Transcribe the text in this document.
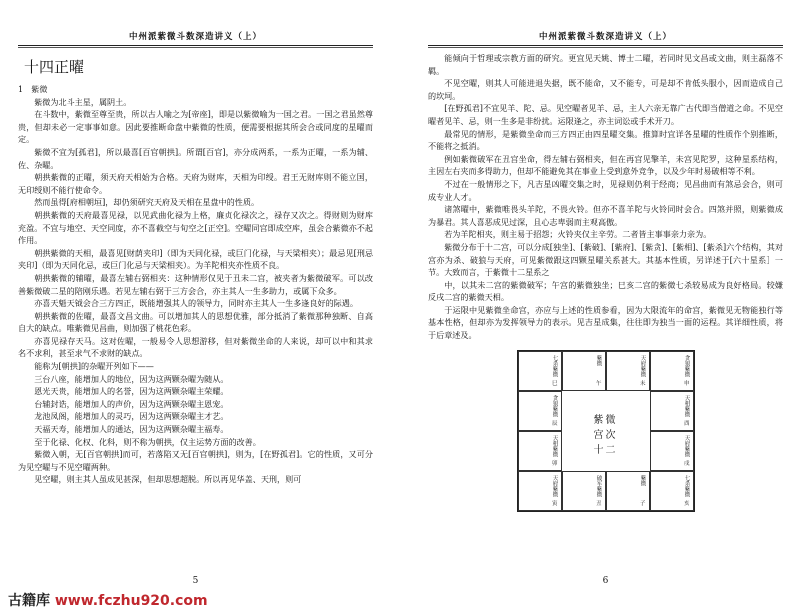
中州派紫微斗数深造讲义（上）
十四正曜

1　紫微

紫微为北斗主星，属阴土。

在斗数中，紫微至尊至贵，所以古人喻之为[帝座]，即是以紫微喻为一国之君。一国之君虽然尊贵，但却未必一定事事如意。因此要推断命盘中紫微的性质，便需要根据其所会合或同度的星曜而定。

紫微不宜为[孤君]，所以最喜[百官朝拱]。所谓[百官]，亦分成两系，一系为正曜，一系为辅、佐、杂曜。

朝拱紫微的正曜，须天府天相始为合格。天府为财库，天相为印绶。君王无财库则不能立国，无印绶则不能行使命令。

然而虽得[府相朝垣]，却仍须研究天府及天相在星盘中的性质。

朝拱紫微的天府最喜见禄，以见武曲化禄为上格，廉贞化禄次之，禄存又次之。得财则为财库充盈。不宜与地空、天空同度，亦不喜截空与旬空之[正空]。空曜同宫即成空库，虽会合紫微亦不起作用。

朝拱紫微的天相，最喜见[财荫夹印]（即为天同化禄，或巨门化禄，与天梁相夹）；最忌见[刑忌夹印]（即为天同化忌，或巨门化忌与天梁相夹）。为羊陀相夹亦性质不良。

朝拱紫微的辅曜，最喜左辅右弼相夹：这种情形仅见于丑未二宫，被夹者为紫微破军。可以改善紫微破二星的陪刚乐遇。若见左辅右弼于三方会合，亦主其人一生多助力，或属下众多。

亦喜天魁天钺会合三方四正，既能增强其人的领导力，同时亦主其人一生多逢良好的际遇。

朝拱紫微的佐曜，最喜文昌文曲。可以增加其人的思想优雅，部分抵消了紫微那种独断、自高自大的缺点。唯紫微见昌曲，则加强了桃花色彩。

亦喜见禄存天马。这对佐曜，一般易令人思想游移，但对紫微坐命的人来说，却可以中和其求名不求利，甚至求气不求财的缺点。

能称为[朝拱]的杂曜开列如下——

三台八座，能增加人的地位，因为这两颗杂曜为随从。

恩光天贵，能增加人的名誉，因为这两颗杂曜主荣耀。

台辅封诰，能增加人的声价，因为这两颗杂曜主恩宠。

龙池凤阁，能增加人的灵巧，因为这两颗杂曜主才艺。

天福天寿，能增加人的通达，因为这两颗杂曜主福寿。

至于化禄、化权、化科，则不称为朝拱，仅主运势方面的改善。

紫微入朝，无[百官朝拱]而可，若落陷又无[百官朝拱]，则为，[在野孤君]。它的性质，又可分为见空曜与不见空曜两种。

见空曜，则主其人虽成见甚深，但却思想超脱。所以再见华盖、天刑，则可

5
中州派紫微斗数深造讲义（上）

能倾向于哲理或宗教方面的研究。更宜见天姚、博士二曜，若同时见文昌或文曲，则主磊落不羁。

不见空曜，则其人可能进退失据，既不能命，又不能专，可是却不肯低头服小，因而造成自己的坎坷。

[在野孤君]不宜见羊、陀、忌。见空曜者见羊、忌，主人六亲无靠广古代即当僧道之命。不见空曜者见羊、忌，则一生多是非纷扰。运限逢之，亦主词讼或手术开刀。

最常见的情形，是紫微坐命而三方四正由四星曜交集。推算时宜详各星曜的性质作个别推断，不能将之抵消。

例如紫微破军在丑宫坐命，得左辅右弼相夹，但在再宫见擎羊，未宫见陀罗，这种星系结构，主因左右夹而多得助力，但却不能避免其在事业上受到意外竞争，以及少年时易破相等不利。

不过在一般情形之下，凡吉星凶曜交集之时，见禄则仍利于经商；见昌曲而有煞忌会合，则可成专业人才。

诸煞曜中，紫微唯畏头羊陀，不畏火铃。但亦不喜羊陀与火铃同时会合。四煞并照，则紫微成为暴君。其人喜恶成见过深，且心志卑弱而主观高傲。

若为羊陀相夹，则主易于招怨；火铃夹仅主辛劳。二者皆主事事亲力亲为。

紫微分布于十二宫，可以分成[独坐]、[紫破]、[紫府]、[紫贪]、[紫相]、[紫杀]六个结构，其对宫亦为杀、破狼与天府，可见紫微跟这四颗星曜关系甚大。其基本性质，另详述于[六十星系］一节。大致而言，于紫微十二星系之

中，以其未二宫的紫微破军；午宫的紫微独坐；巳亥二宫的紫微七杀较易成为良好格局。较嫌反戌二宫的紫微天相。

于运限中见紫微坐命宫，亦应与上述的性质参看，因为大限流年的命宫，紫微见无物能独行等基本性格，但却亦为发挥领导力的表示。见吉星成集，往往即为独当一面的运程。其详细性质，将于后章述及。

紫微
宫次
十二
七杀紫微
巳
紫微
午
天府紫微
未
贪狼紫微
申
贪狼紫微
辰
天相紫微
酉
天相紫微
卯
天府紫微
戌
天府紫微
寅
破军紫微
丑
紫微
子
七杀紫微
亥
6
古籍库 www.fczhu920.com
